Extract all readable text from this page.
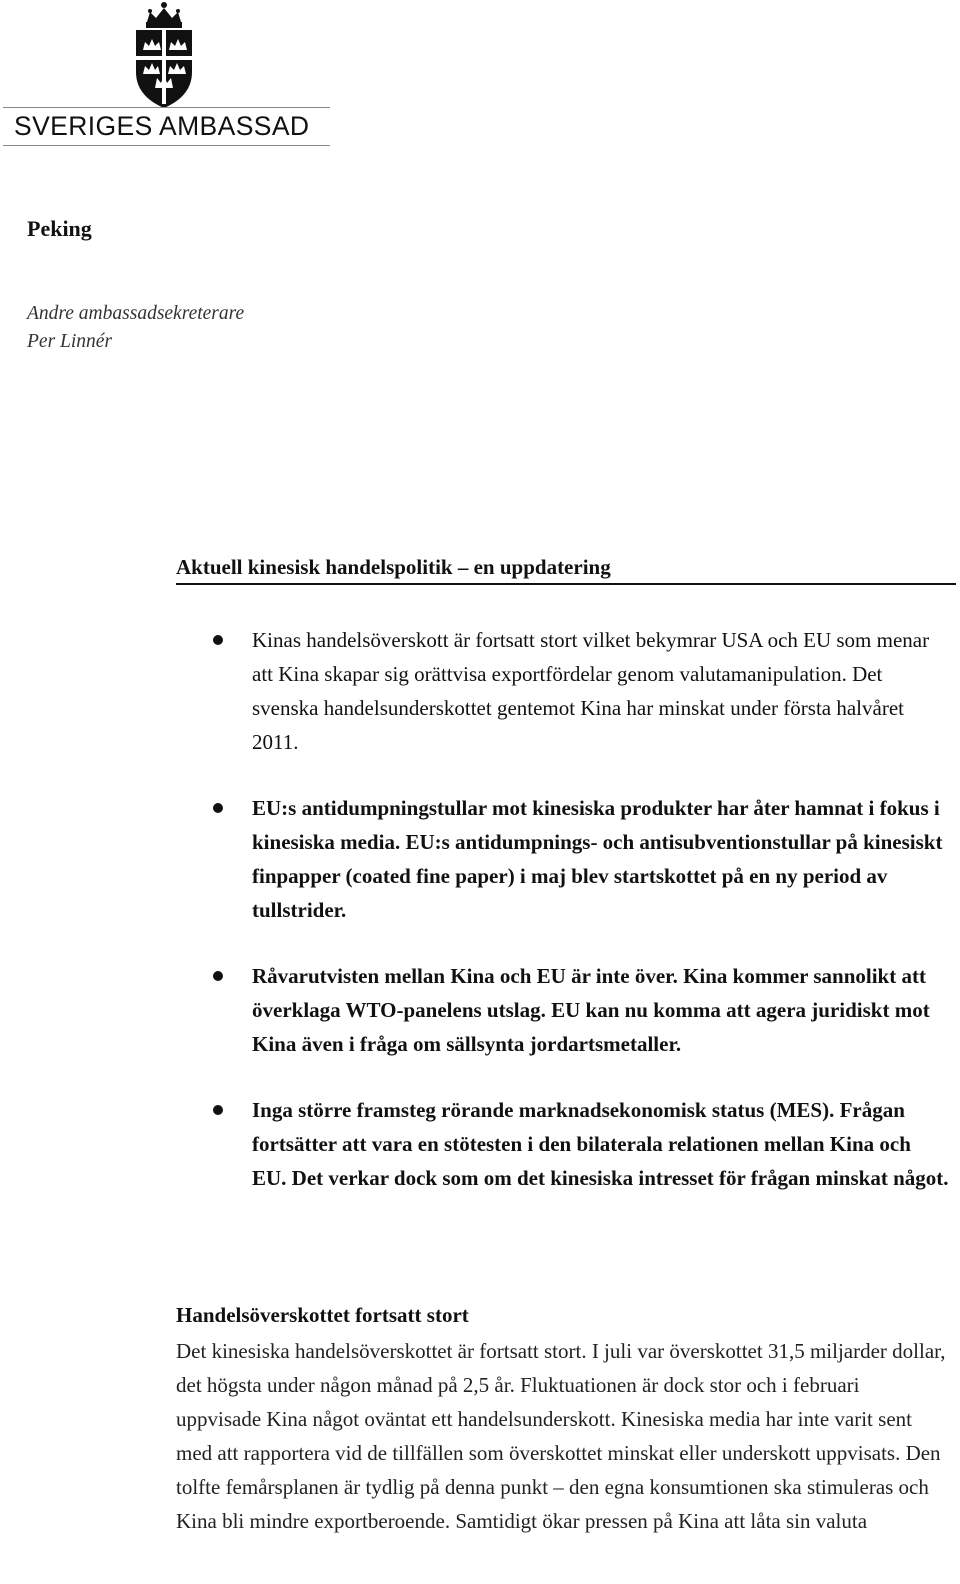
SVERIGES AMBASSAD
Peking
Andre ambassadsekreterare
Per Linnér
Aktuell kinesisk handelspolitik – en uppdatering
Kinas handelsöverskott är fortsatt stort vilket bekymrar USA och EU som menar att Kina skapar sig orättvisa exportfördelar genom valutamanipulation. Det svenska handelsunderskottet gentemot Kina har minskat under första halvåret 2011.
EU:s antidumpningstullar mot kinesiska produkter har åter hamnat i fokus i kinesiska media. EU:s antidumpnings- och antisubventionstullar på kinesiskt finpapper (coated fine paper) i maj blev startskottet på en ny period av tullstrider.
Råvarutvisten mellan Kina och EU är inte över. Kina kommer sannolikt att överklaga WTO-panelens utslag. EU kan nu komma att agera juridiskt mot Kina även i fråga om sällsynta jordartsmetaller.
Inga större framsteg rörande marknadsekonomisk status (MES). Frågan fortsätter att vara en stötesten i den bilaterala relationen mellan Kina och EU. Det verkar dock som om det kinesiska intresset för frågan minskat något.
Handelsöverskottet fortsatt stort

Det kinesiska handelsöverskottet är fortsatt stort. I juli var överskottet 31,5 miljarder dollar, det högsta under någon månad på 2,5 år. Fluktuationen är dock stor och i februari uppvisade Kina något oväntat ett handelsunderskott. Kinesiska media har inte varit sent med att rapportera vid de tillfällen som överskottet minskat eller underskott uppvisats. Den tolfte femårsplanen är tydlig på denna punkt – den egna konsumtionen ska stimuleras och Kina bli mindre exportberoende. Samtidigt ökar pressen på Kina att låta sin valuta
